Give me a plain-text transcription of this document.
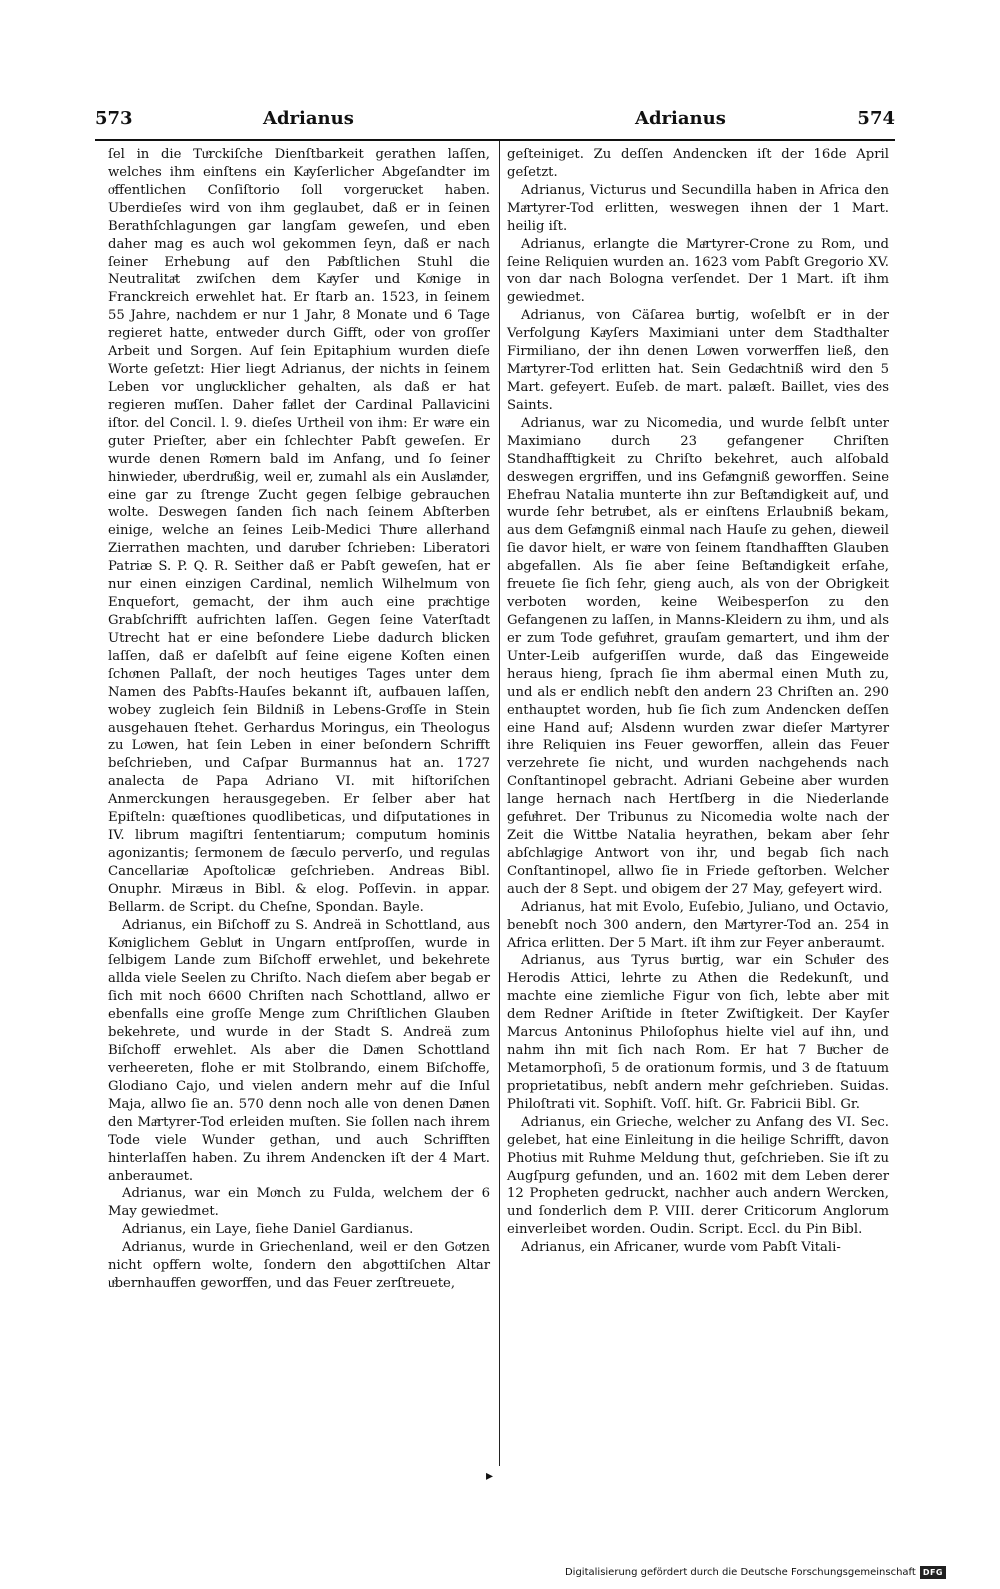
573	Adrianus	Adrianus	574

ſel in die Tuͤrckiſche Dienſtbarkeit gerathen laſſen, welches ihm einſtens ein Kaͤyſerlicher Abgeſandter im oͤffentlichen Conſiſtorio ſoll vorgeruͤcket haben. Uberdieſes wird von ihm geglaubet, daß er in ſeinen Berathſchlagungen gar langſam geweſen, und eben daher mag es auch wol gekommen ſeyn, daß er nach ſeiner Erhebung auf den Paͤbſtlichen Stuhl die Neutralitaͤt zwiſchen dem Kaͤyſer und Koͤnige in Franckreich erwehlet hat. Er ſtarb an. 1523, in ſeinem 55 Jahre, nachdem er nur 1 Jahr, 8 Monate und 6 Tage regieret hatte, entweder durch Gifft, oder von groſſer Arbeit und Sorgen. Auf ſein Epitaphium wurden dieſe Worte geſetzt: Hier liegt Adrianus, der nichts in ſeinem Leben vor ungluͤcklicher gehalten, als daß er hat regieren muͤſſen. Daher faͤllet der Cardinal Pallavicini iſtor. del Concil. l. 9. dieſes Urtheil von ihm: Er waͤre ein guter Prieſter, aber ein ſchlechter Pabſt geweſen. Er wurde denen Roͤmern bald im Anfang, und ſo ſeiner hinwieder, uͤberdruͤßig, weil er, zumahl als ein Auslaͤnder, eine gar zu ſtrenge Zucht gegen ſelbige gebrauchen wolte. Deswegen ſanden ſich nach ſeinem Abſterben einige, welche an ſeines Leib-Medici Thuͤre allerhand Zierrathen machten, und daruͤber ſchrieben: Liberatori Patriæ S. P. Q. R. Seither daß er Pabſt geweſen, hat er nur einen einzigen Cardinal, nemlich Wilhelmum von Enquefort, gemacht, der ihm auch eine praͤchtige Grabſchrifft aufrichten laſſen. Gegen ſeine Vaterſtadt Utrecht hat er eine beſondere Liebe dadurch blicken laſſen, daß er daſelbſt auf ſeine eigene Koſten einen ſchoͤnen Pallaſt, der noch heutiges Tages unter dem Namen des Pabſts-Hauſes bekannt iſt, aufbauen laſſen, wobey zugleich ſein Bildniß in Lebens-Groͤſſe in Stein ausgehauen ſtehet. Gerhardus Moringus, ein Theologus zu Loͤwen, hat ſein Leben in einer beſondern Schrifft beſchrieben, und Caſpar Burmannus hat an. 1727 analecta de Papa Adriano VI. mit hiſtoriſchen Anmerckungen herausgegeben. Er ſelber aber hat Epiſteln: quæſtiones quodlibeticas, und diſputationes in IV. librum magiſtri ſententiarum; computum hominis agonizantis; ſermonem de ſæculo perverſo, und regulas Cancellariæ Apoſtolicæ geſchrieben. Andreas Bibl. Onuphr. Miræus in Bibl. & elog. Poſſevin. in appar. Bellarm. de Script. du Cheſne, Spondan. Bayle.

Adrianus, ein Biſchoff zu S. Andreä in Schottland, aus Koͤniglichem Gebluͤt in Ungarn entſproſſen, wurde in ſelbigem Lande zum Biſchoff erwehlet, und bekehrete allda viele Seelen zu Chriſto. Nach dieſem aber begab er ſich mit noch 6600 Chriſten nach Schottland, allwo er ebenfalls eine groſſe Menge zum Chriſtlichen Glauben bekehrete, und wurde in der Stadt S. Andreä zum Biſchoff erwehlet. Als aber die Daͤnen Schottland verheereten, flohe er mit Stolbrando, einem Biſchoffe, Glodiano Cajo, und vielen andern mehr auf die Inſul Maja, allwo ſie an. 570 denn noch alle von denen Daͤnen den Maͤrtyrer-Tod erleiden muſten. Sie ſollen nach ihrem Tode viele Wunder gethan, und auch Schrifften hinterlaſſen haben. Zu ihrem Andencken iſt der 4 Mart. anberaumet.

Adrianus, war ein Moͤnch zu Fulda, welchem der 6 May gewiedmet.

Adrianus, ein Laye, ſiehe Daniel Gardianus.

Adrianus, wurde in Griechenland, weil er den Goͤtzen nicht opffern wolte, ſondern den abgoͤttiſchen Altar uͤbernhauffen geworffen, und das Feuer zerſtreuete,

geſteiniget. Zu deſſen Andencken iſt der 16de April geſetzt.

Adrianus, Victurus und Secundilla haben in Africa den Maͤrtyrer-Tod erlitten, weswegen ihnen der 1 Mart. heilig iſt.

Adrianus, erlangte die Maͤrtyrer-Crone zu Rom, und ſeine Reliquien wurden an. 1623 vom Pabſt Gregorio XV. von dar nach Bologna verſendet. Der 1 Mart. iſt ihm gewiedmet.

Adrianus, von Cäſarea buͤrtig, woſelbſt er in der Verfolgung Kaͤyſers Maximiani unter dem Stadthalter Firmiliano, der ihn denen Loͤwen vorwerffen ließ, den Maͤrtyrer-Tod erlitten hat. Sein Gedaͤchtniß wird den 5 Mart. gefeyert. Euſeb. de mart. palæſt. Baillet, vies des Saints.

Adrianus, war zu Nicomedia, und wurde ſelbſt unter Maximiano durch 23 gefangener Chriſten Standhafftigkeit zu Chriſto bekehret, auch alſobald deswegen ergriffen, und ins Gefaͤngniß geworffen. Seine Ehefrau Natalia munterte ihn zur Beſtaͤndigkeit auf, und wurde ſehr betruͤbet, als er einſtens Erlaubniß bekam, aus dem Gefaͤngniß einmal nach Hauſe zu gehen, dieweil ſie davor hielt, er waͤre von ſeinem ſtandhafften Glauben abgefallen. Als ſie aber ſeine Beſtaͤndigkeit erſahe, freuete ſie ſich ſehr, gieng auch, als von der Obrigkeit verboten worden, keine Weibesperſon zu den Gefangenen zu laſſen, in Manns-Kleidern zu ihm, und als er zum Tode gefuͤhret, grauſam gemartert, und ihm der Unter-Leib aufgeriſſen wurde, daß das Eingeweide heraus hieng, ſprach ſie ihm abermal einen Muth zu, und als er endlich nebſt den andern 23 Chriſten an. 290 enthauptet worden, hub ſie ſich zum Andencken deſſen eine Hand auf; Alsdenn wurden zwar dieſer Maͤrtyrer ihre Reliquien ins Feuer geworffen, allein das Feuer verzehrete ſie nicht, und wurden nachgehends nach Conſtantinopel gebracht. Adriani Gebeine aber wurden lange hernach nach Hertſberg in die Niederlande gefuͤhret. Der Tribunus zu Nicomedia wolte nach der Zeit die Wittbe Natalia heyrathen, bekam aber ſehr abſchlaͤgige Antwort von ihr, und begab ſich nach Conſtantinopel, allwo ſie in Friede geſtorben. Welcher auch der 8 Sept. und obigem der 27 May, gefeyert wird.

Adrianus, hat mit Evolo, Euſebio, Juliano, und Octavio, benebſt noch 300 andern, den Maͤrtyrer-Tod an. 254 in Africa erlitten. Der 5 Mart. iſt ihm zur Feyer anberaumt.

Adrianus, aus Tyrus buͤrtig, war ein Schuͤler des Herodis Attici, lehrte zu Athen die Redekunſt, und machte eine ziemliche Figur von ſich, lebte aber mit dem Redner Ariſtide in ſteter Zwiſtigkeit. Der Kayſer Marcus Antoninus Philoſophus hielte viel auf ihn, und nahm ihn mit ſich nach Rom. Er hat 7 Buͤcher de Metamorphoſi, 5 de orationum formis, und 3 de ſtatuum proprietatibus, nebſt andern mehr geſchrieben. Suidas. Philoſtrati vit. Sophiſt. Voſſ. hiſt. Gr. Fabricii Bibl. Gr.

Adrianus, ein Grieche, welcher zu Anfang des VI. Sec. gelebet, hat eine Einleitung in die heilige Schrifft, davon Photius mit Ruhme Meldung thut, geſchrieben. Sie iſt zu Augſpurg gefunden, und an. 1602 mit dem Leben derer 12 Propheten gedruckt, nachher auch andern Wercken, und ſonderlich dem P. VIII. derer Criticorum Anglorum einverleibet worden. Oudin. Script. Eccl. du Pin Bibl.

Adrianus, ein Africaner, wurde vom Pabſt Vitali-

▸
Digitalisierung gefördert durch die Deutsche Forschungsgemeinschaft DFG
